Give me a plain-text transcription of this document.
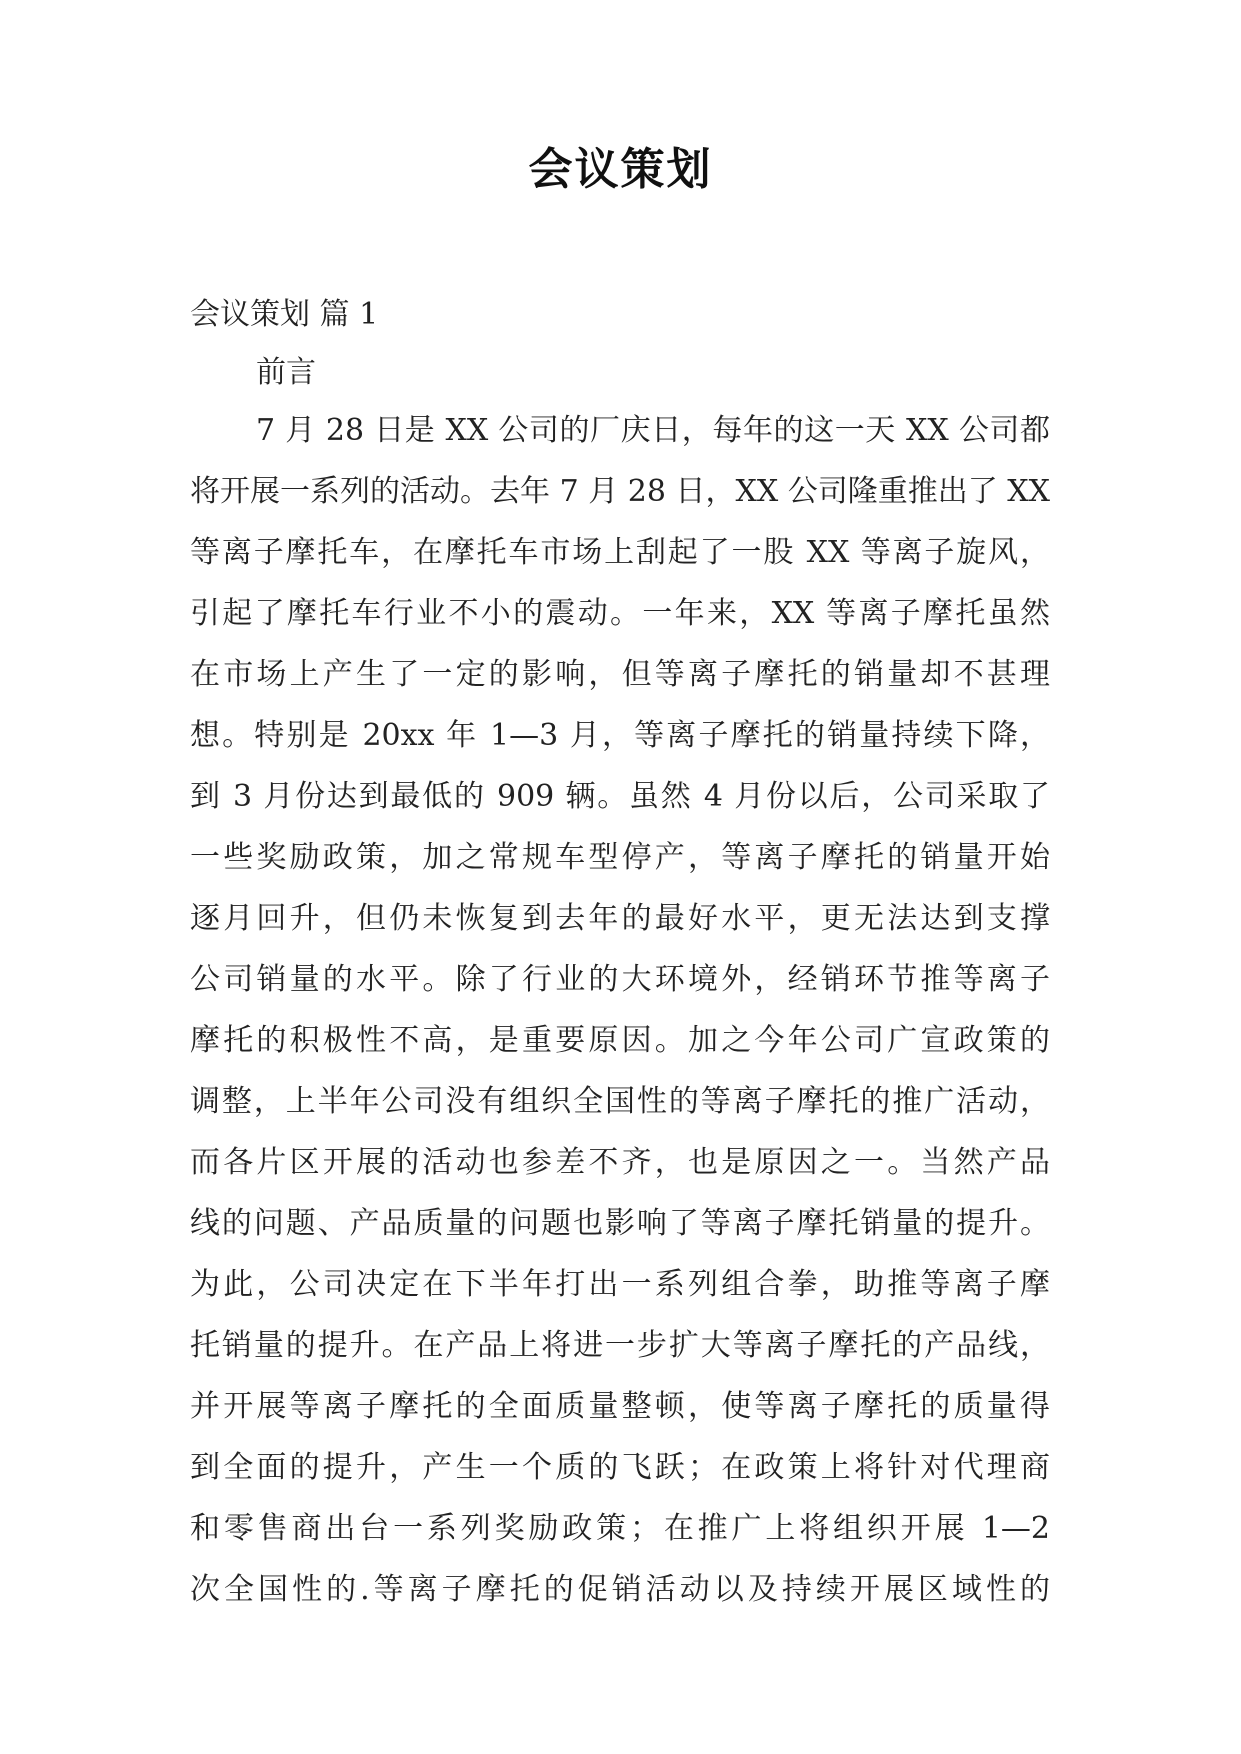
会议策划
会议策划 篇 1
前言
7 月 28 日是 XX 公司的厂庆日，每年的这一天 XX 公司都
将开展一系列的活动。去年 7 月 28 日，XX 公司隆重推出了 XX
等离子摩托车，在摩托车市场上刮起了一股 XX 等离子旋风，
引起了摩托车行业不小的震动。一年来，XX 等离子摩托虽然
在市场上产生了一定的影响，但等离子摩托的销量却不甚理
想。特别是 20xx 年 1—3 月，等离子摩托的销量持续下降，
到 3 月份达到最低的 909 辆。虽然 4 月份以后，公司采取了
一些奖励政策，加之常规车型停产，等离子摩托的销量开始
逐月回升，但仍未恢复到去年的最好水平，更无法达到支撑
公司销量的水平。除了行业的大环境外，经销环节推等离子
摩托的积极性不高，是重要原因。加之今年公司广宣政策的
调整，上半年公司没有组织全国性的等离子摩托的推广活动，
而各片区开展的活动也参差不齐，也是原因之一。当然产品
线的问题、产品质量的问题也影响了等离子摩托销量的提升。
为此，公司决定在下半年打出一系列组合拳，助推等离子摩
托销量的提升。在产品上将进一步扩大等离子摩托的产品线，
并开展等离子摩托的全面质量整顿，使等离子摩托的质量得
到全面的提升，产生一个质的飞跃；在政策上将针对代理商
和零售商出台一系列奖励政策；在推广上将组织开展 1—2
次全国性的.等离子摩托的促销活动以及持续开展区域性的
